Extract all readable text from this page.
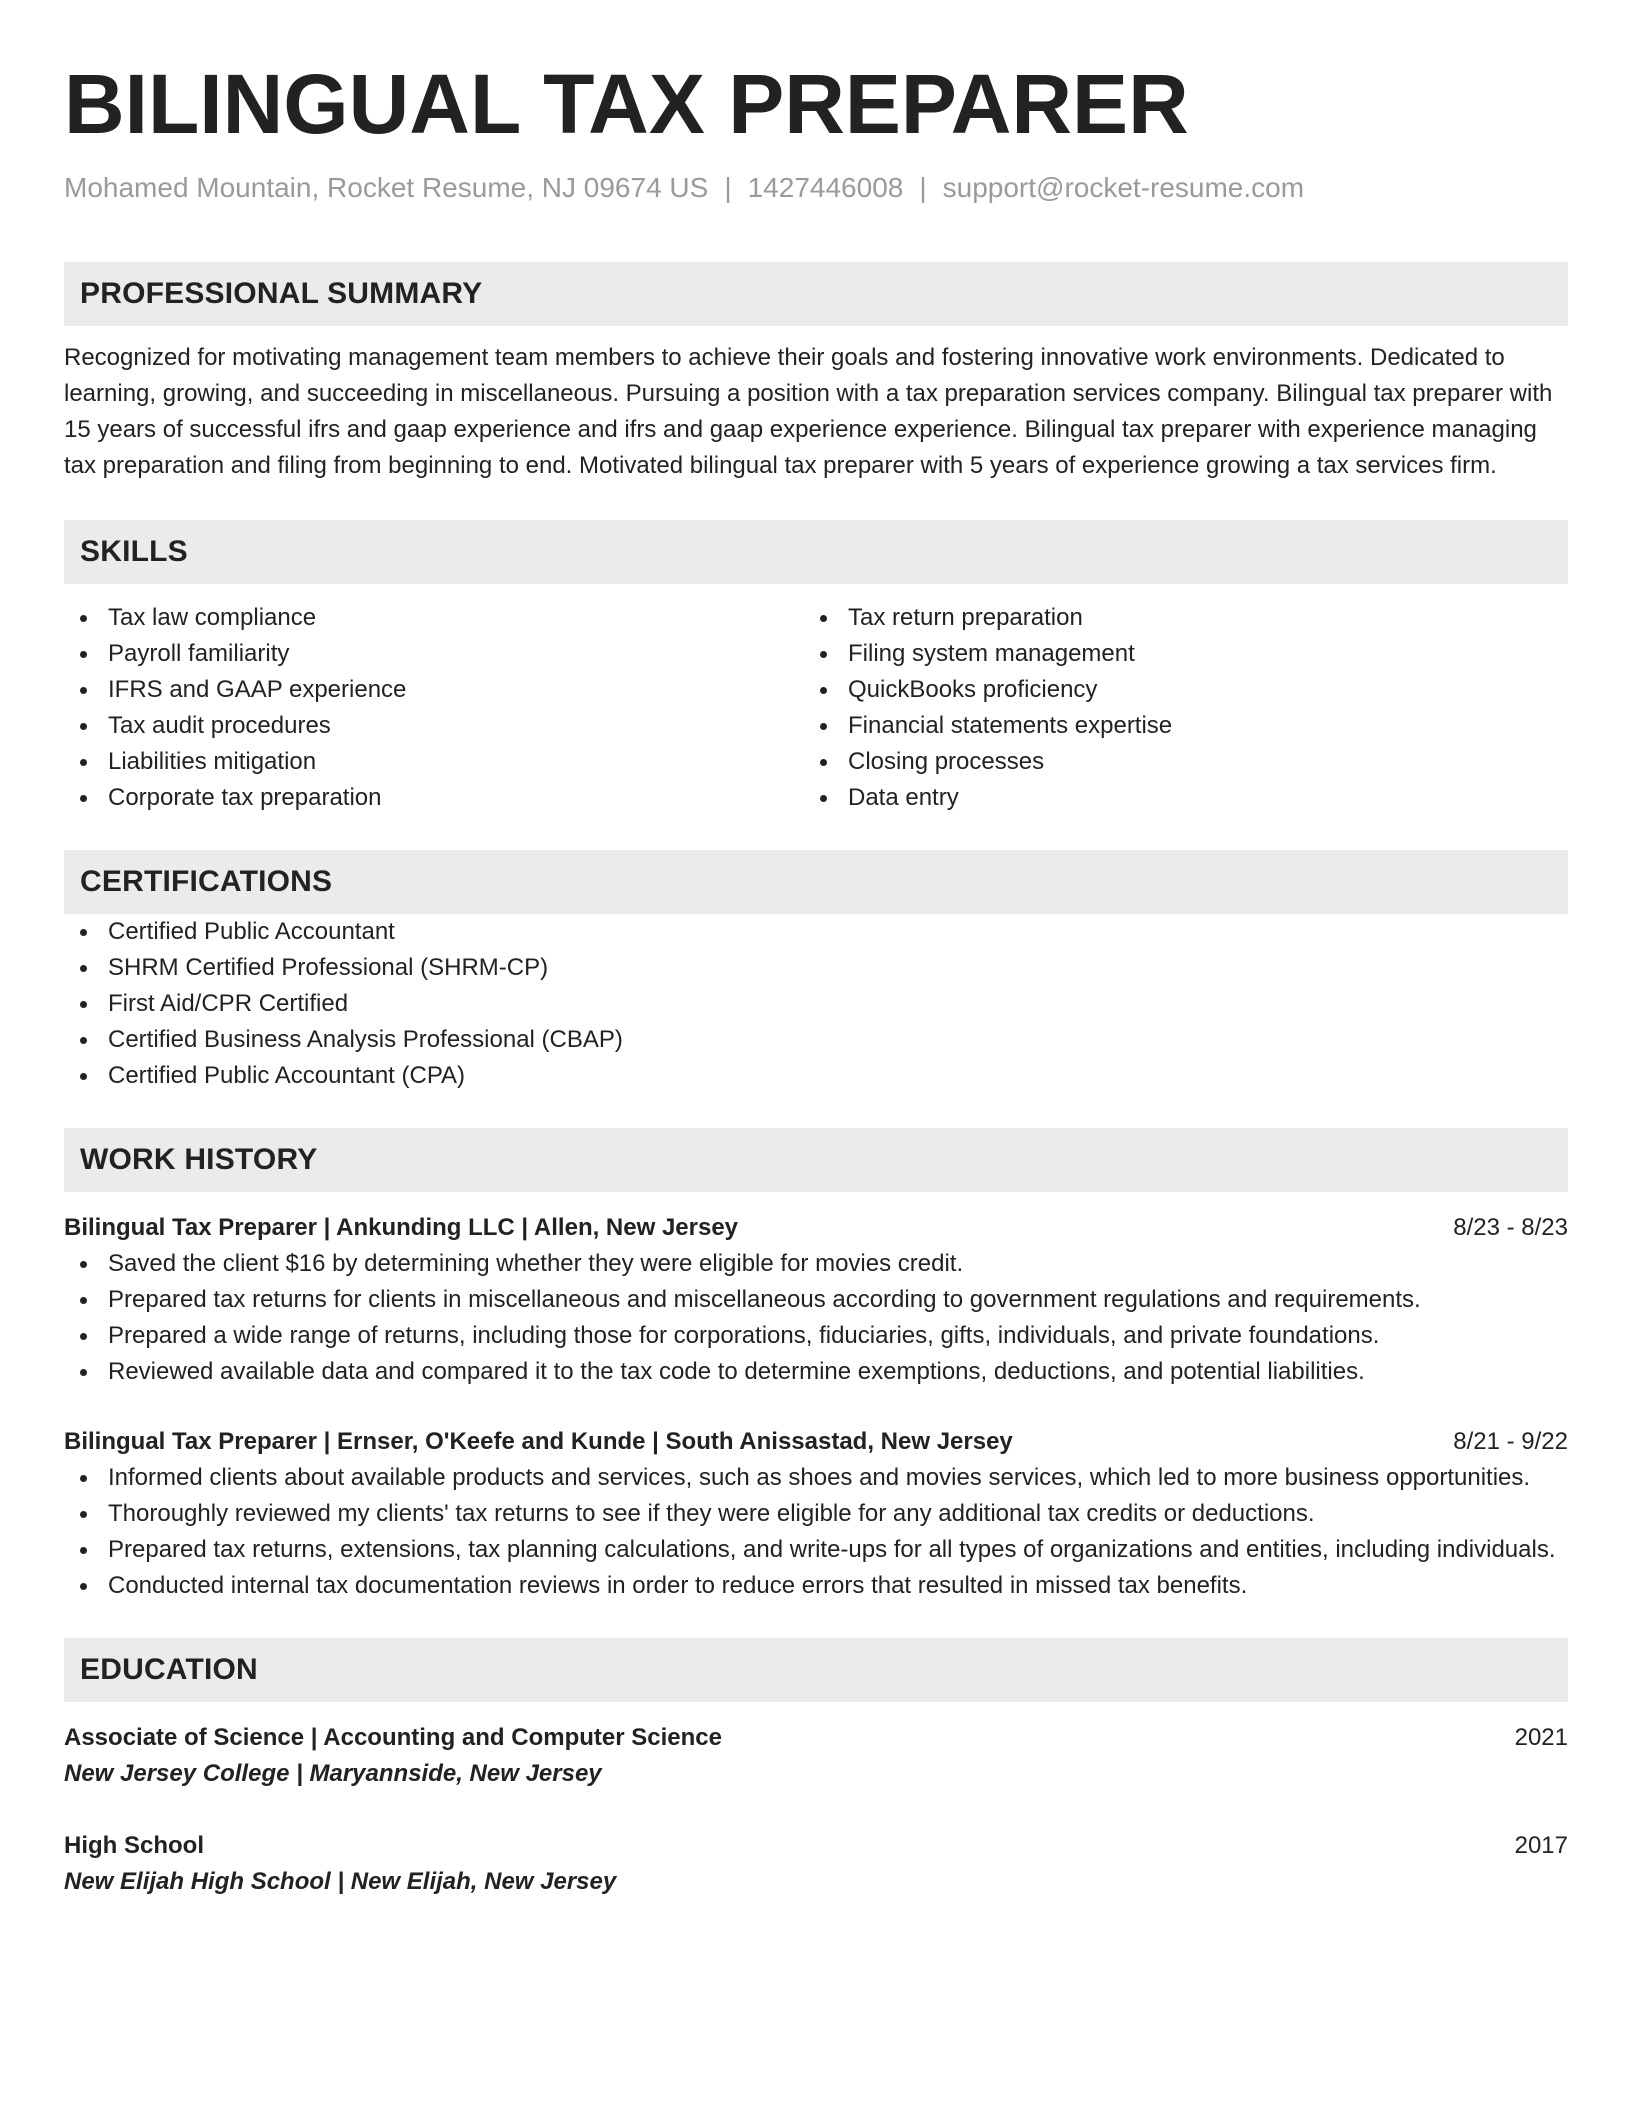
BILINGUAL TAX PREPARER
Mohamed Mountain, Rocket Resume, NJ 09674 US | 1427446008 | support@rocket-resume.com
PROFESSIONAL SUMMARY
Recognized for motivating management team members to achieve their goals and fostering innovative work environments. Dedicated to learning, growing, and succeeding in miscellaneous. Pursuing a position with a tax preparation services company. Bilingual tax preparer with 15 years of successful ifrs and gaap experience and ifrs and gaap experience experience. Bilingual tax preparer with experience managing tax preparation and filing from beginning to end. Motivated bilingual tax preparer with 5 years of experience growing a tax services firm.
SKILLS
Tax law compliance
Payroll familiarity
IFRS and GAAP experience
Tax audit procedures
Liabilities mitigation
Corporate tax preparation
Tax return preparation
Filing system management
QuickBooks proficiency
Financial statements expertise
Closing processes
Data entry
CERTIFICATIONS
Certified Public Accountant
SHRM Certified Professional (SHRM-CP)
First Aid/CPR Certified
Certified Business Analysis Professional (CBAP)
Certified Public Accountant (CPA)
WORK HISTORY
Bilingual Tax Preparer | Ankunding LLC | Allen, New Jersey	8/23 - 8/23
Saved the client $16 by determining whether they were eligible for movies credit.
Prepared tax returns for clients in miscellaneous and miscellaneous according to government regulations and requirements.
Prepared a wide range of returns, including those for corporations, fiduciaries, gifts, individuals, and private foundations.
Reviewed available data and compared it to the tax code to determine exemptions, deductions, and potential liabilities.
Bilingual Tax Preparer | Ernser, O'Keefe and Kunde | South Anissastad, New Jersey	8/21 - 9/22
Informed clients about available products and services, such as shoes and movies services, which led to more business opportunities.
Thoroughly reviewed my clients' tax returns to see if they were eligible for any additional tax credits or deductions.
Prepared tax returns, extensions, tax planning calculations, and write-ups for all types of organizations and entities, including individuals.
Conducted internal tax documentation reviews in order to reduce errors that resulted in missed tax benefits.
EDUCATION
Associate of Science | Accounting and Computer Science	2021
New Jersey College | Maryannside, New Jersey
High School	2017
New Elijah High School | New Elijah, New Jersey
